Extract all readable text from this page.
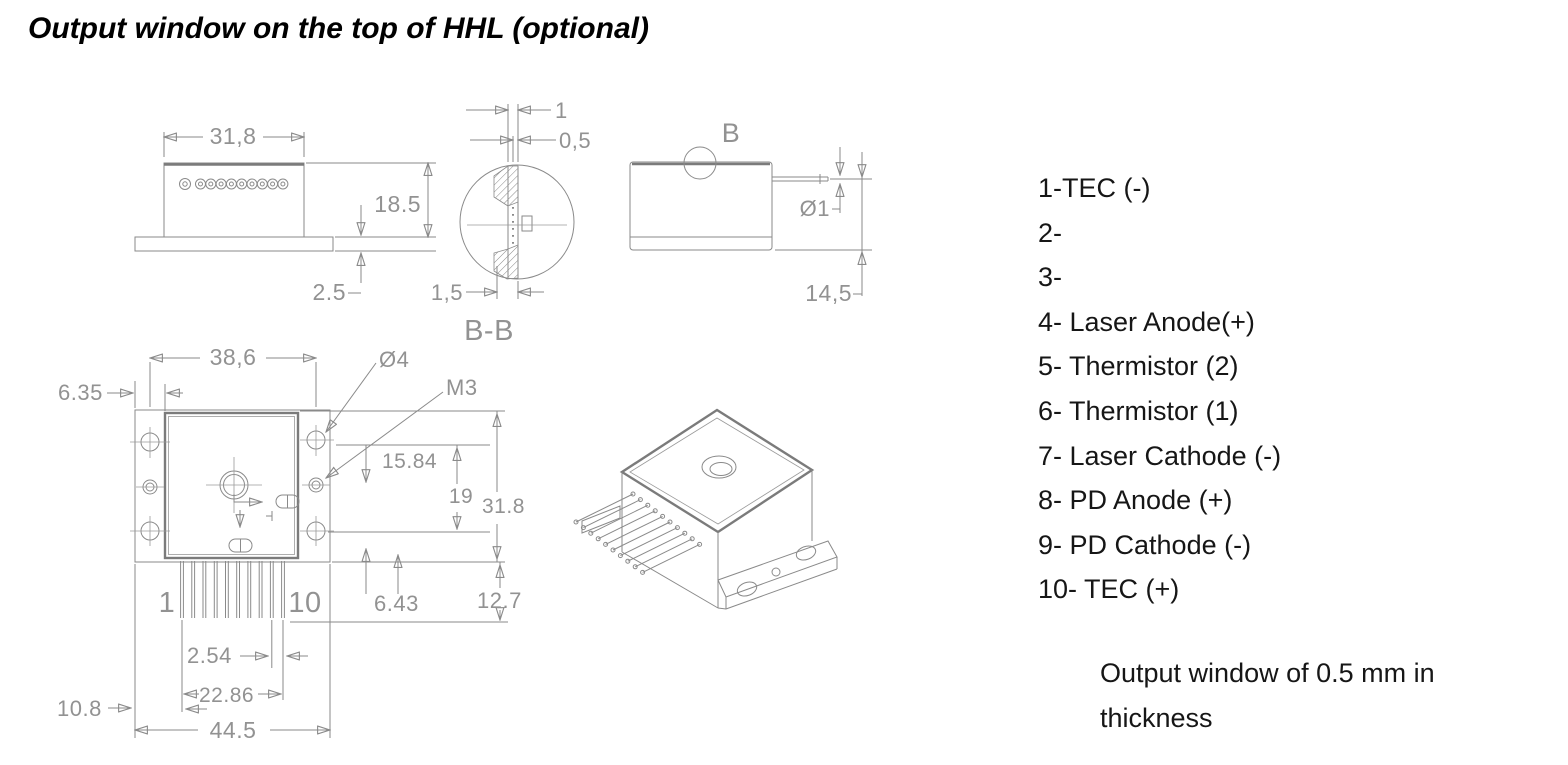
Output window on the top of HHL (optional)
31,8
18.5
2.5
1
0,5
1,5
B-B
B
Ø1
14,5
1	10
38,6
6.35
Ø4
M3
15.84
19 31.8
6.43	12.7
2.54
22.86
44.5
10.8
1-TEC (-)
2-
3-
4- Laser Anode(+)
5- Thermistor (2)
6- Thermistor (1)
7- Laser Cathode (-)
8- PD Anode (+)
9- PD Cathode (-)
10- TEC (+)
Output window of 0.5 mm in
thickness
